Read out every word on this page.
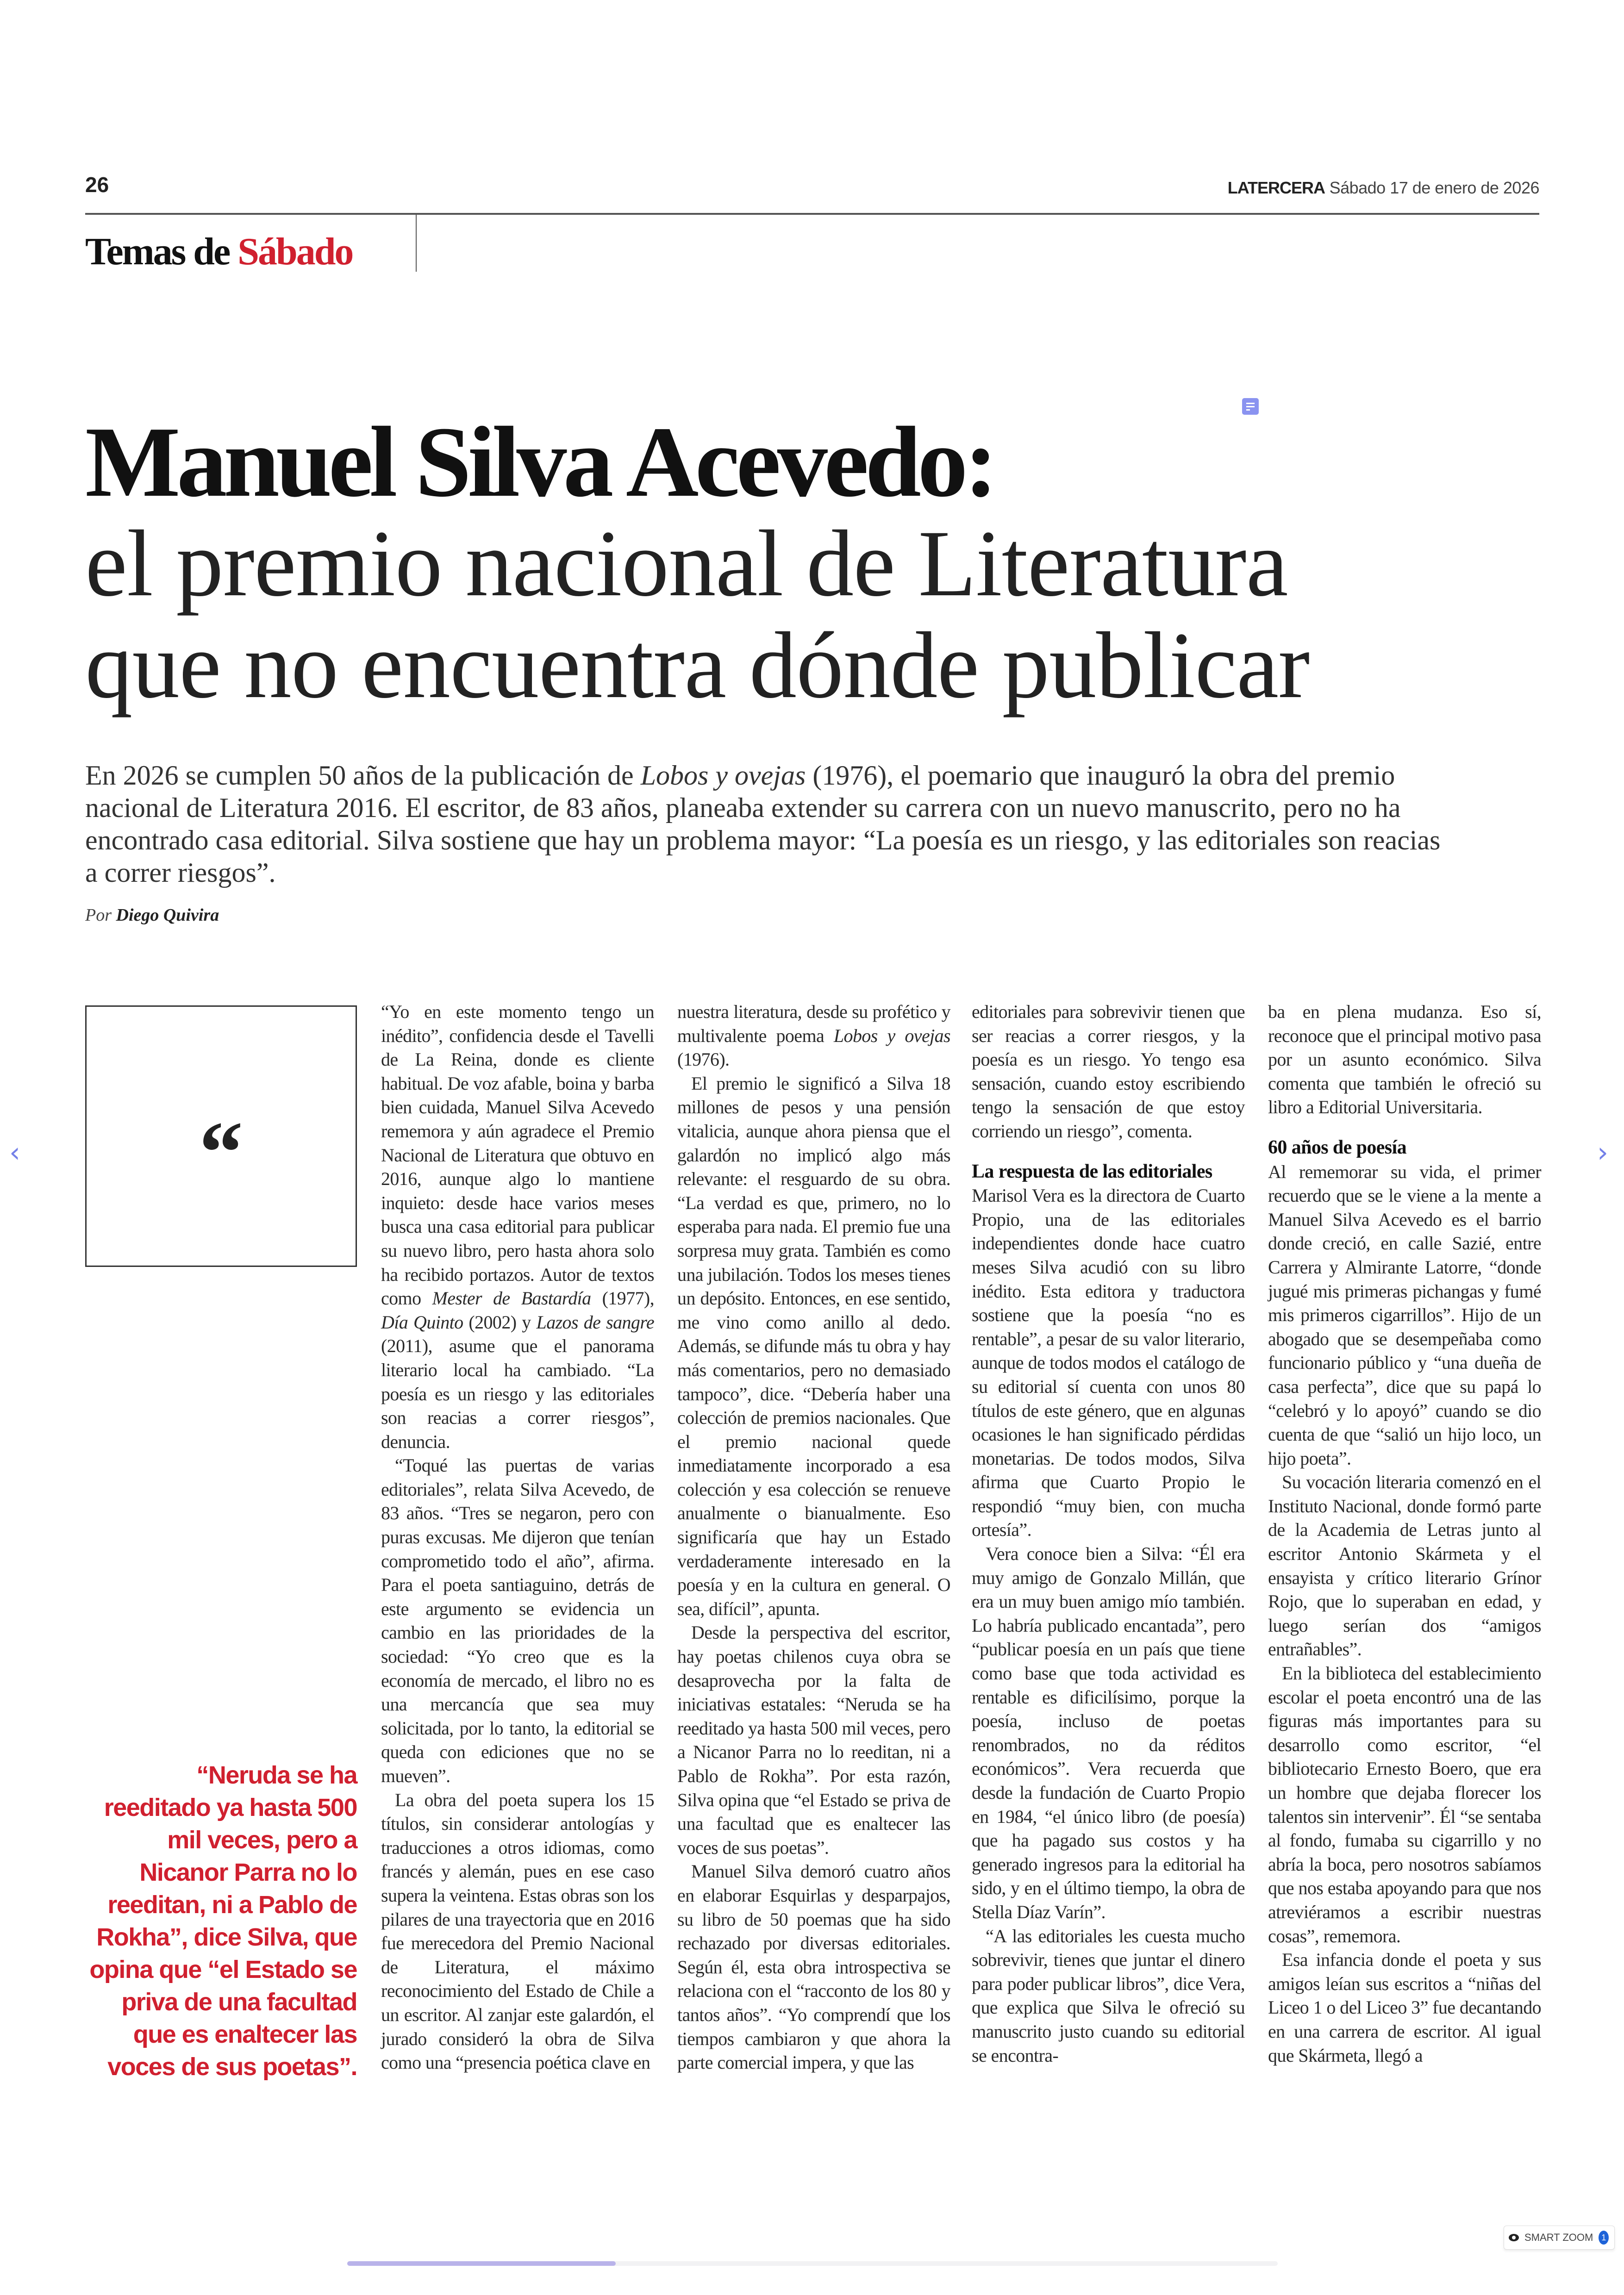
26	LATERCERA Sábado 17 de enero de 2026
Temas de Sábado
Manuel Silva Acevedo:
el premio nacional de Literatura
que no encuentra dónde publicar
En 2026 se cumplen 50 años de la publicación de Lobos y ovejas (1976), el poemario que inauguró la obra del premio nacional de Literatura 2016. El escritor, de 83 años, planeaba extender su carrera con un nuevo manuscrito, pero no ha encontrado casa editorial. Silva sostiene que hay un problema mayor: “La poesía es un riesgo, y las editoriales son reacias a correr riesgos”.
Por Diego Quivira
“
“Neruda se ha reeditado ya hasta 500 mil veces, pero a Nicanor Parra no lo reeditan, ni a Pablo de Rokha”, dice Silva, que opina que “el Estado se priva de una facultad que es enaltecer las voces de sus poetas”.

“Yo en este momento tengo un inédito”, confidencia desde el Tavelli de La Reina, donde es cliente habitual. De voz afable, boina y barba bien cuidada, Manuel Silva Acevedo rememora y aún agradece el Premio Nacional de Literatura que obtuvo en 2016, aunque algo lo mantiene inquieto: desde hace varios meses busca una casa editorial para publicar su nuevo libro, pero hasta ahora solo ha recibido portazos. Autor de textos como Mester de Bastardía (1977), Día Quinto (2002) y Lazos de sangre (2011), asume que el panorama literario local ha cambiado. “La poesía es un riesgo y las editoriales son reacias a correr riesgos”, denuncia.

“Toqué las puertas de varias editoriales”, relata Silva Acevedo, de 83 años. “Tres se negaron, pero con puras excusas. Me dijeron que tenían comprometido todo el año”, afirma. Para el poeta santiaguino, detrás de este argumento se evidencia un cambio en las prioridades de la sociedad: “Yo creo que es la economía de mercado, el libro no es una mercancía que sea muy solicitada, por lo tanto, la editorial se queda con ediciones que no se mueven”.

La obra del poeta supera los 15 títulos, sin considerar antologías y traducciones a otros idiomas, como francés y alemán, pues en ese caso supera la veintena. Estas obras son los pilares de una trayectoria que en 2016 fue merecedora del Premio Nacional de Literatura, el máximo reconocimiento del Estado de Chile a un escritor. Al zanjar este galardón, el jurado consideró la obra de Silva como una “presencia poética clave en

nuestra literatura, desde su profético y multivalente poema Lobos y ovejas (1976).

El premio le significó a Silva 18 millones de pesos y una pensión vitalicia, aunque ahora piensa que el galardón no implicó algo más relevante: el resguardo de su obra. “La verdad es que, primero, no lo esperaba para nada. El premio fue una sorpresa muy grata. También es como una jubilación. Todos los meses tienes un depósito. Entonces, en ese sentido, me vino como anillo al dedo. Además, se difunde más tu obra y hay más comentarios, pero no demasiado tampoco”, dice. “Debería haber una colección de premios nacionales. Que el premio nacional quede inmediatamente incorporado a esa colección y esa colección se renueve anualmente o bianualmente. Eso significaría que hay un Estado verdaderamente interesado en la poesía y en la cultura en general. O sea, difícil”, apunta.

Desde la perspectiva del escritor, hay poetas chilenos cuya obra se desaprovecha por la falta de iniciativas estatales: “Neruda se ha reeditado ya hasta 500 mil veces, pero a Nicanor Parra no lo reeditan, ni a Pablo de Rokha”. Por esta razón, Silva opina que “el Estado se priva de una facultad que es enaltecer las voces de sus poetas”.

Manuel Silva demoró cuatro años en elaborar Esquirlas y desparpajos, su libro de 50 poemas que ha sido rechazado por diversas editoriales. Según él, esta obra introspectiva se relaciona con el “racconto de los 80 y tantos años”. “Yo comprendí que los tiempos cambiaron y que ahora la parte comercial impera, y que las

editoriales para sobrevivir tienen que ser reacias a correr riesgos, y la poesía es un riesgo. Yo tengo esa sensación, cuando estoy escribiendo tengo la sensación de que estoy corriendo un riesgo”, comenta.

La respuesta de las editoriales

Marisol Vera es la directora de Cuarto Propio, una de las editoriales independientes donde hace cuatro meses Silva acudió con su libro inédito. Esta editora y traductora sostiene que la poesía “no es rentable”, a pesar de su valor literario, aunque de todos modos el catálogo de su editorial sí cuenta con unos 80 títulos de este género, que en algunas ocasiones le han significado pérdidas monetarias. De todos modos, Silva afirma que Cuarto Propio le respondió “muy bien, con mucha ortesía”.

Vera conoce bien a Silva: “Él era muy amigo de Gonzalo Millán, que era un muy buen amigo mío también. Lo habría publicado encantada”, pero “publicar poesía en un país que tiene como base que toda actividad es rentable es dificilísimo, porque la poesía, incluso de poetas renombrados, no da réditos económicos”. Vera recuerda que desde la fundación de Cuarto Propio en 1984, “el único libro (de poesía) que ha pagado sus costos y ha generado ingresos para la editorial ha sido, y en el último tiempo, la obra de Stella Díaz Varín”.

“A las editoriales les cuesta mucho sobrevivir, tienes que juntar el dinero para poder publicar libros”, dice Vera, que explica que Silva le ofreció su manuscrito justo cuando su editorial se encontra-

ba en plena mudanza. Eso sí, reconoce que el principal motivo pasa por un asunto económico. Silva comenta que también le ofreció su libro a Editorial Universitaria.

60 años de poesía

Al rememorar su vida, el primer recuerdo que se le viene a la mente a Manuel Silva Acevedo es el barrio donde creció, en calle Sazié, entre Carrera y Almirante Latorre, “donde jugué mis primeras pichangas y fumé mis primeros cigarrillos”. Hijo de un abogado que se desempeñaba como funcionario público y “una dueña de casa perfecta”, dice que su papá lo “celebró y lo apoyó” cuando se dio cuenta de que “salió un hijo loco, un hijo poeta”.

Su vocación literaria comenzó en el Instituto Nacional, donde formó parte de la Academia de Letras junto al escritor Antonio Skármeta y el ensayista y crítico literario Grínor Rojo, que lo superaban en edad, y luego serían dos “amigos entrañables”.

En la biblioteca del establecimiento escolar el poeta encontró una de las figuras más importantes para su desarrollo como escritor, “el bibliotecario Ernesto Boero, que era un hombre que dejaba florecer los talentos sin intervenir”. Él “se sentaba al fondo, fumaba su cigarrillo y no abría la boca, pero nosotros sabíamos que nos estaba apoyando para que nos atreviéramos a escribir nuestras cosas”, rememora.

Esa infancia donde el poeta y sus amigos leían sus escritos a “niñas del Liceo 1 o del Liceo 3” fue decantando en una carrera de escritor. Al igual que Skármeta, llegó a

‹	›
SMART ZOOM 1
